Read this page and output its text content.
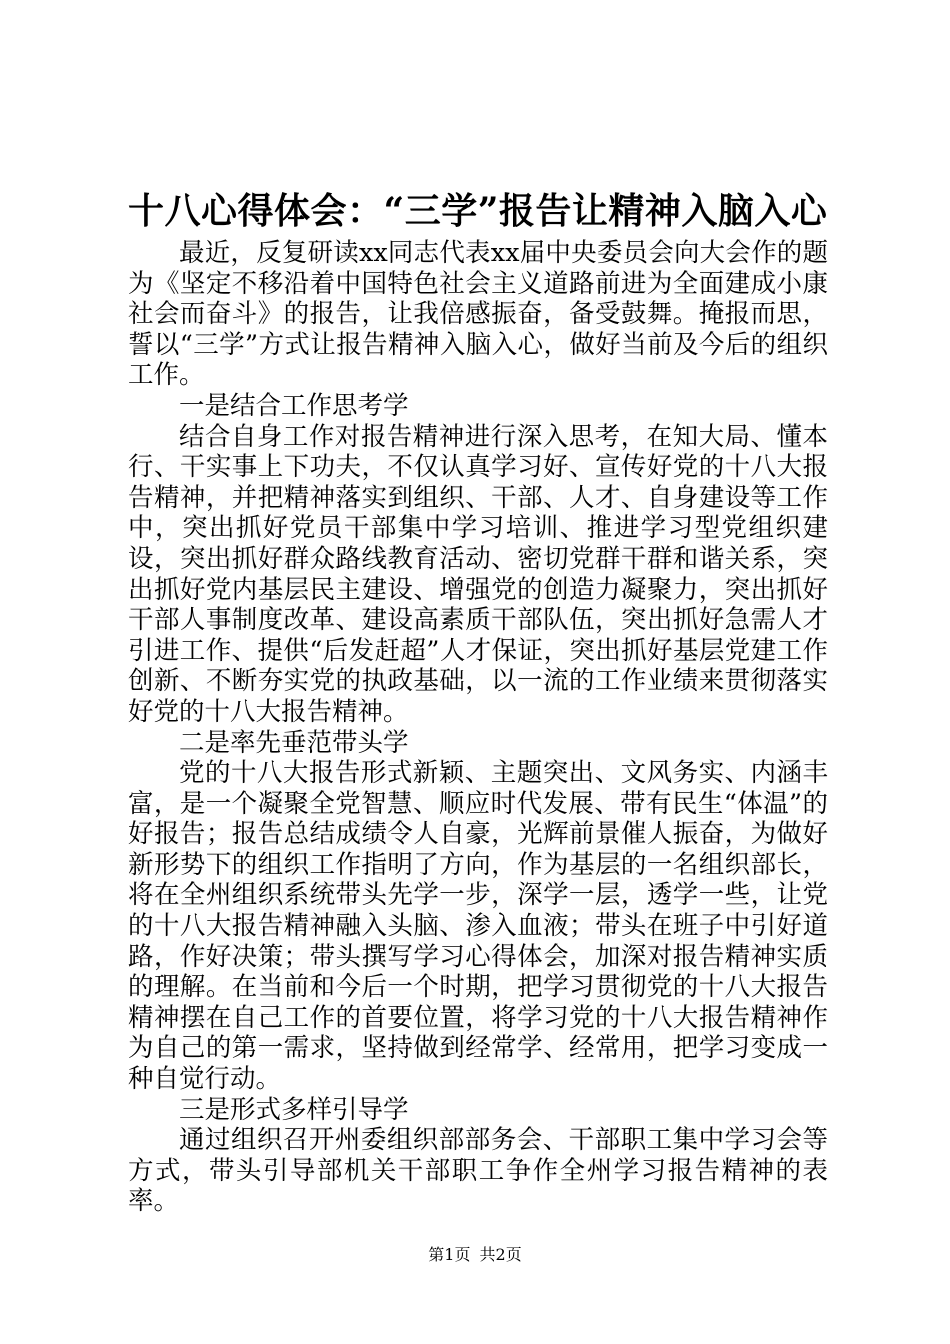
十八心得体会：“三学”报告让精神入脑入心

最近，反复研读xx同志代表xx届中央委员会向大会作的题为《坚定不移沿着中国特色社会主义道路前进为全面建成小康社会而奋斗》的报告，让我倍感振奋，备受鼓舞。掩报而思，誓以“三学”方式让报告精神入脑入心，做好当前及今后的组织工作。

一是结合工作思考学

结合自身工作对报告精神进行深入思考，在知大局、懂本行、干实事上下功夫，不仅认真学习好、宣传好党的十八大报告精神，并把精神落实到组织、干部、人才、自身建设等工作中，突出抓好党员干部集中学习培训、推进学习型党组织建设，突出抓好群众路线教育活动、密切党群干群和谐关系，突出抓好党内基层民主建设、增强党的创造力凝聚力，突出抓好干部人事制度改革、建设高素质干部队伍，突出抓好急需人才引进工作、提供“后发赶超”人才保证，突出抓好基层党建工作创新、不断夯实党的执政基础，以一流的工作业绩来贯彻落实好党的十八大报告精神。

二是率先垂范带头学

党的十八大报告形式新颖、主题突出、文风务实、内涵丰富，是一个凝聚全党智慧、顺应时代发展、带有民生“体温”的好报告；报告总结成绩令人自豪，光辉前景催人振奋，为做好新形势下的组织工作指明了方向，作为基层的一名组织部长，将在全州组织系统带头先学一步，深学一层，透学一些，让党的十八大报告精神融入头脑、渗入血液；带头在班子中引好道路，作好决策；带头撰写学习心得体会，加深对报告精神实质的理解。在当前和今后一个时期，把学习贯彻党的十八大报告精神摆在自己工作的首要位置，将学习党的十八大报告精神作为自己的第一需求，坚持做到经常学、经常用，把学习变成一种自觉行动。

三是形式多样引导学

通过组织召开州委组织部部务会、干部职工集中学习会等方式，带头引导部机关干部职工争作全州学习报告精神的表率。

第1页 共2页
